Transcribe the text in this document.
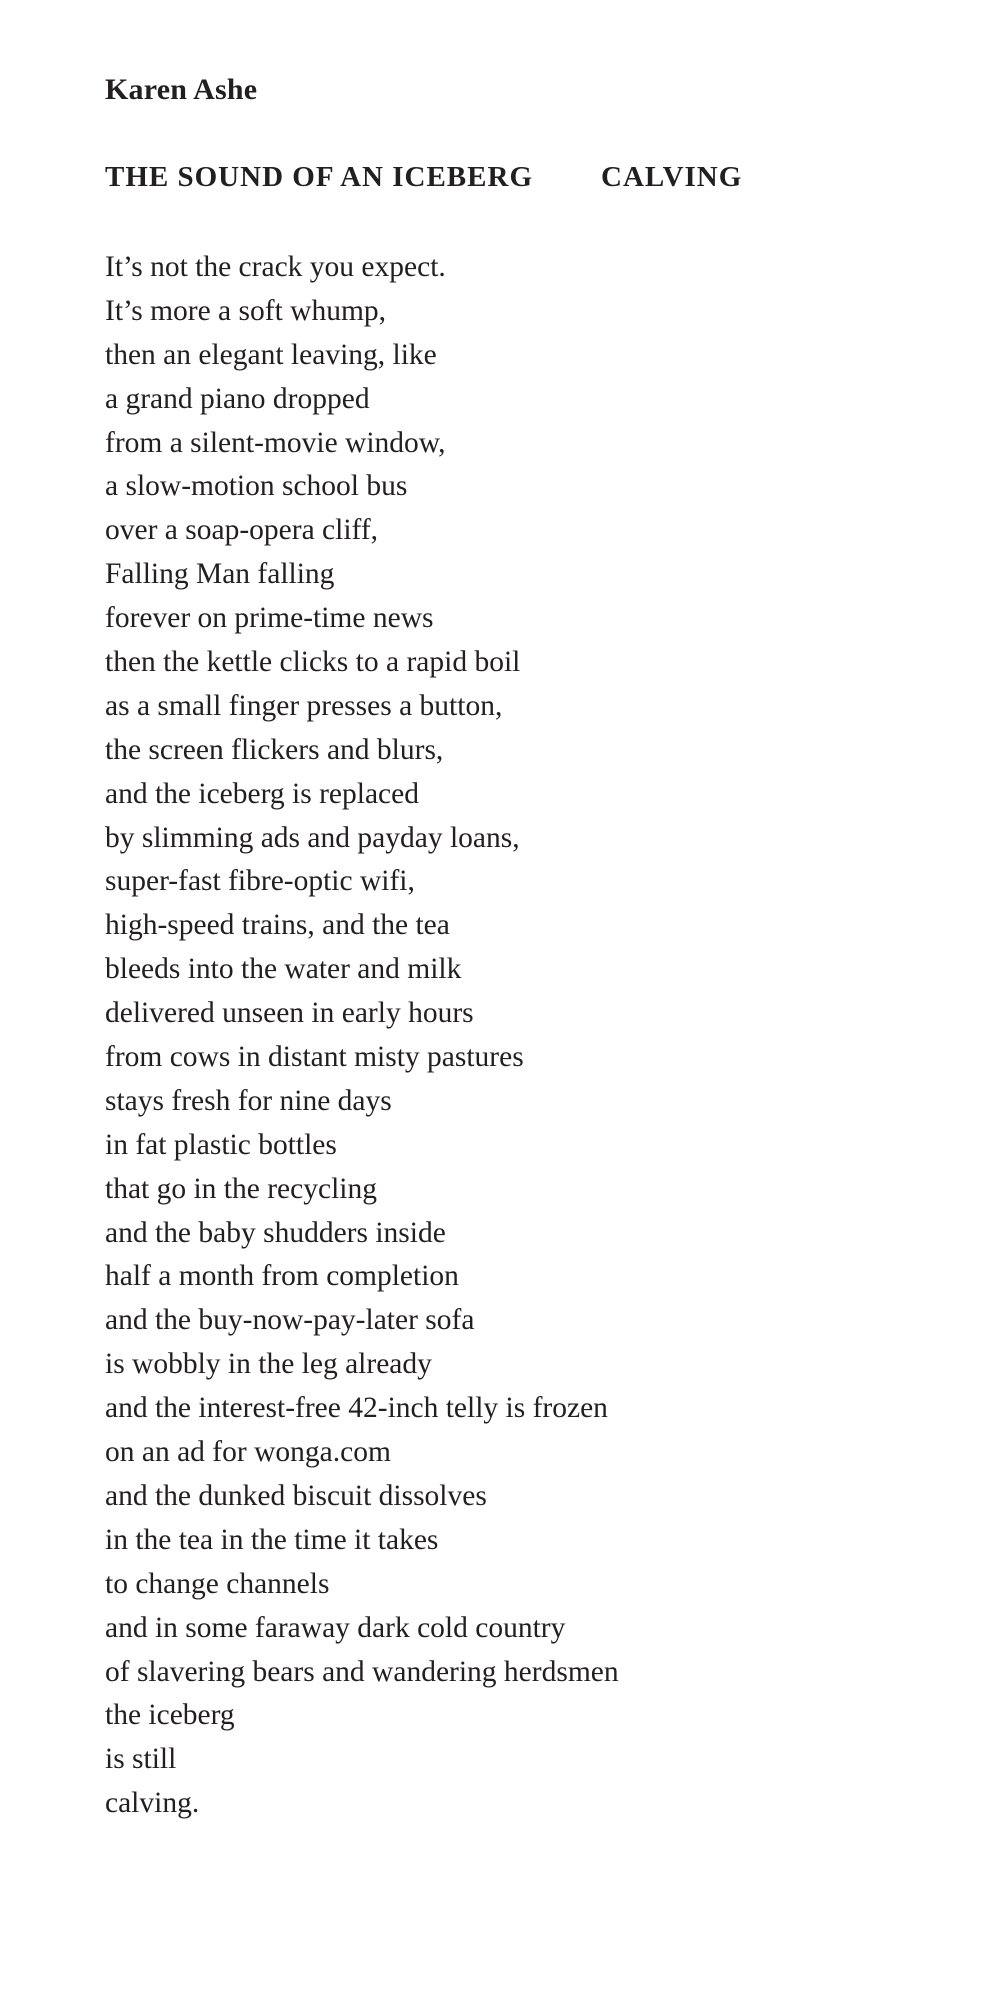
Karen Ashe
THE SOUND OF AN ICEBERG CALVING
It’s not the crack you expect.
It’s more a soft whump,
then an elegant leaving, like
a grand piano dropped
from a silent-movie window,
a slow-motion school bus
over a soap-opera cliff,
Falling Man falling
forever on prime-time news
then the kettle clicks to a rapid boil
as a small finger presses a button,
the screen flickers and blurs,
and the iceberg is replaced
by slimming ads and payday loans,
super-fast fibre-optic wifi,
high-speed trains, and the tea
bleeds into the water and milk
delivered unseen in early hours
from cows in distant misty pastures
stays fresh for nine days
in fat plastic bottles
that go in the recycling
and the baby shudders inside
half a month from completion
and the buy-now-pay-later sofa
is wobbly in the leg already
and the interest-free 42-inch telly is frozen
on an ad for wonga.com
and the dunked biscuit dissolves
in the tea in the time it takes
to change channels
and in some faraway dark cold country
of slavering bears and wandering herdsmen
the iceberg
is still
calving.
